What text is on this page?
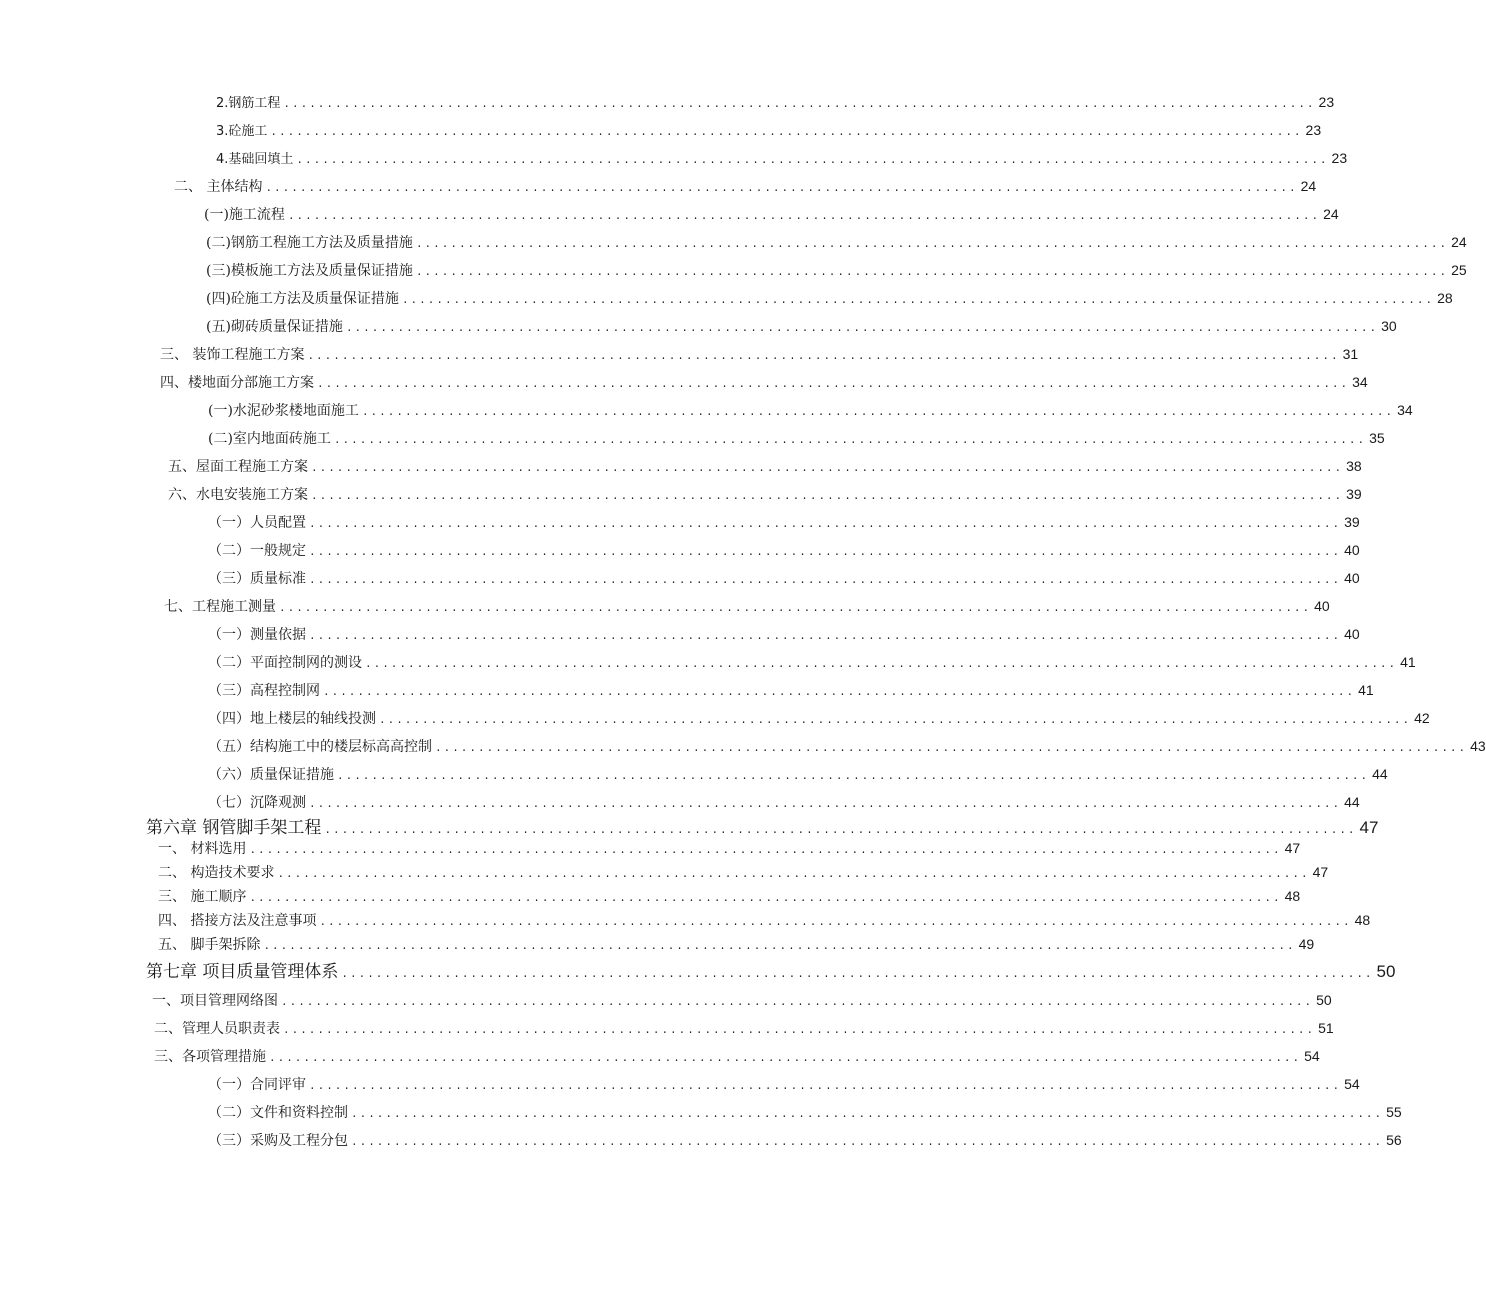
2.钢筋工程 ........................................................................................................................ 23
3.砼施工 ........................................................................................................................ 23
4.基础回填土 ........................................................................................................................ 23
二、 主体结构 ........................................................................................................................ 24
(一)施工流程 ........................................................................................................................ 24
(二)钢筋工程施工方法及质量措施 ........................................................................................................................ 24
(三)模板施工方法及质量保证措施 ........................................................................................................................ 25
(四)砼施工方法及质量保证措施 ........................................................................................................................ 28
(五)砌砖质量保证措施 ........................................................................................................................ 30
三、 装饰工程施工方案 ........................................................................................................................ 31
四、楼地面分部施工方案 ........................................................................................................................ 34
(一)水泥砂浆楼地面施工 ........................................................................................................................ 34
(二)室内地面砖施工 ........................................................................................................................ 35
五、屋面工程施工方案 ........................................................................................................................ 38
六、水电安装施工方案 ........................................................................................................................ 39
（一）人员配置 ........................................................................................................................ 39
（二）一般规定 ........................................................................................................................ 40
（三）质量标准 ........................................................................................................................ 40
七、工程施工测量 ........................................................................................................................ 40
（一）测量依据 ........................................................................................................................ 40
（二）平面控制网的测设 ........................................................................................................................ 41
（三）高程控制网 ........................................................................................................................ 41
（四）地上楼层的轴线投测 ........................................................................................................................ 42
（五）结构施工中的楼层标高高控制 ........................................................................................................................ 43
（六）质量保证措施 ........................................................................................................................ 44
（七）沉降观测 ........................................................................................................................ 44
第六章 钢管脚手架工程 ........................................................................................................................ 47
一、 材料选用 ........................................................................................................................ 47
二、 构造技术要求 ........................................................................................................................ 47
三、 施工顺序 ........................................................................................................................ 48
四、 搭接方法及注意事项 ........................................................................................................................ 48
五、 脚手架拆除 ........................................................................................................................ 49
第七章 项目质量管理体系 ........................................................................................................................ 50
一、项目管理网络图 ........................................................................................................................ 50
二、管理人员职责表 ........................................................................................................................ 51
三、各项管理措施 ........................................................................................................................ 54
（一）合同评审 ........................................................................................................................ 54
（二）文件和资料控制 ........................................................................................................................ 55
（三）采购及工程分包 ........................................................................................................................ 56
